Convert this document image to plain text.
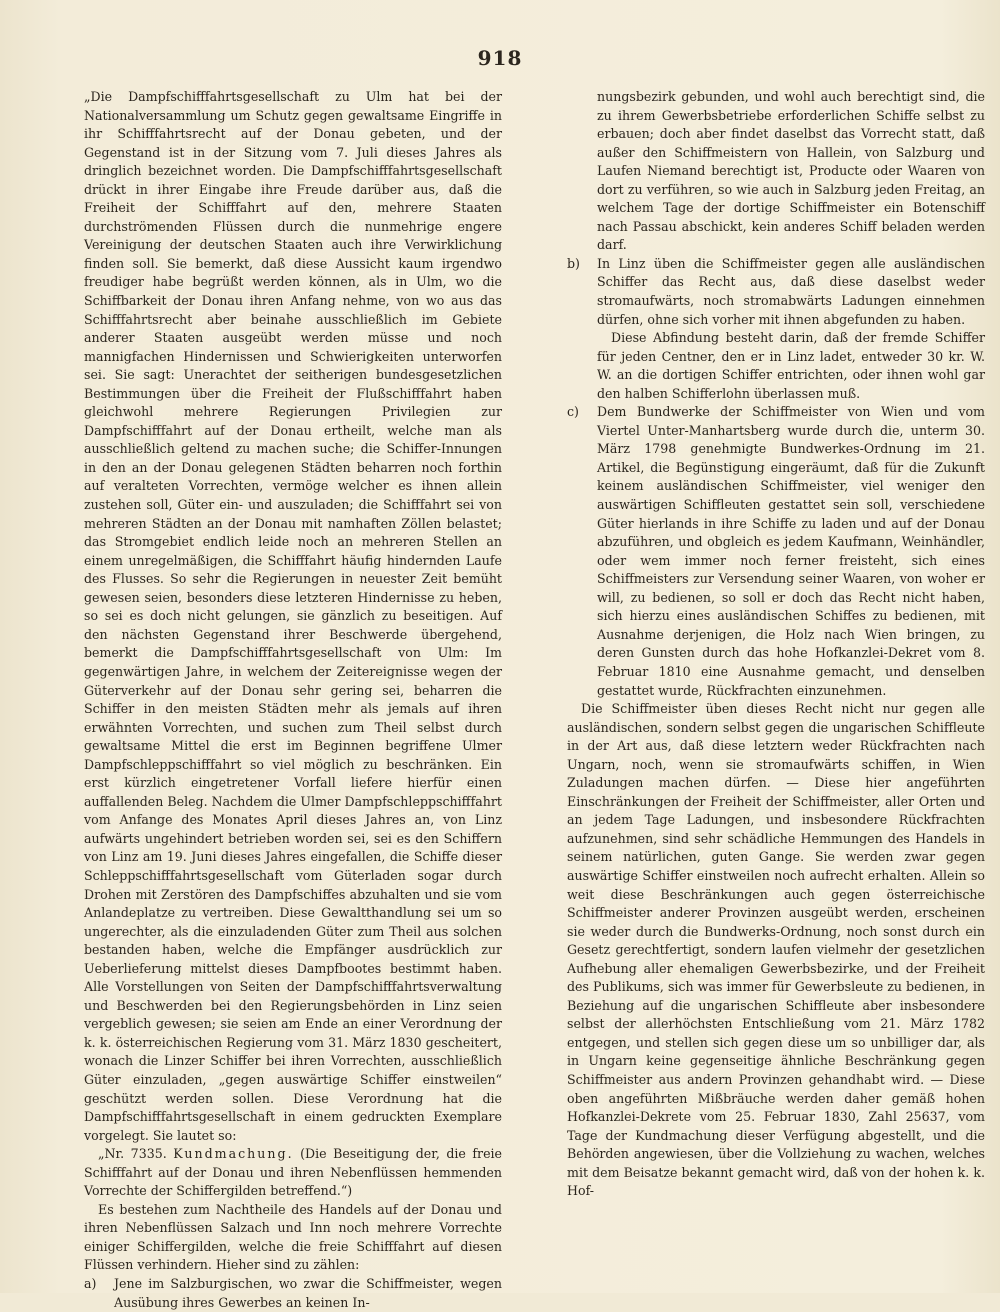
918

„Die Dampfschifffahrtsgesellschaft zu Ulm hat bei der Nationalversammlung um Schutz gegen gewaltsame Eingriffe in ihr Schifffahrtsrecht auf der Donau gebeten, und der Gegenstand ist in der Sitzung vom 7. Juli dieses Jahres als dringlich bezeichnet worden. Die Dampfschifffahrtsgesellschaft drückt in ihrer Eingabe ihre Freude darüber aus, daß die Freiheit der Schifffahrt auf den, mehrere Staaten durchströmenden Flüssen durch die nunmehrige engere Vereinigung der deutschen Staaten auch ihre Verwirklichung finden soll. Sie bemerkt, daß diese Aussicht kaum irgendwo freudiger habe begrüßt werden können, als in Ulm, wo die Schiffbarkeit der Donau ihren Anfang nehme, von wo aus das Schifffahrtsrecht aber beinahe ausschließlich im Gebiete anderer Staaten ausgeübt werden müsse und noch mannigfachen Hindernissen und Schwierigkeiten unterworfen sei. Sie sagt: Unerachtet der seitherigen bundesgesetzlichen Bestimmungen über die Freiheit der Flußschifffahrt haben gleichwohl mehrere Regierungen Privilegien zur Dampfschifffahrt auf der Donau ertheilt, welche man als ausschließlich geltend zu machen suche; die Schiffer-Innungen in den an der Donau gelegenen Städten beharren noch forthin auf veralteten Vorrechten, vermöge welcher es ihnen allein zustehen soll, Güter ein- und auszuladen; die Schifffahrt sei von mehreren Städten an der Donau mit namhaften Zöllen belastet; das Stromgebiet endlich leide noch an mehreren Stellen an einem unregelmäßigen, die Schifffahrt häufig hindernden Laufe des Flusses. So sehr die Regierungen in neuester Zeit bemüht gewesen seien, besonders diese letzteren Hindernisse zu heben, so sei es doch nicht gelungen, sie gänzlich zu beseitigen. Auf den nächsten Gegenstand ihrer Beschwerde übergehend, bemerkt die Dampfschifffahrtsgesellschaft von Ulm: Im gegenwärtigen Jahre, in welchem der Zeitereignisse wegen der Güterverkehr auf der Donau sehr gering sei, beharren die Schiffer in den meisten Städten mehr als jemals auf ihren erwähnten Vorrechten, und suchen zum Theil selbst durch gewaltsame Mittel die erst im Beginnen begriffene Ulmer Dampfschleppschifffahrt so viel möglich zu beschränken. Ein erst kürzlich eingetretener Vorfall liefere hierfür einen auffallenden Beleg. Nachdem die Ulmer Dampfschleppschifffahrt vom Anfange des Monates April dieses Jahres an, von Linz aufwärts ungehindert betrieben worden sei, sei es den Schiffern von Linz am 19. Juni dieses Jahres eingefallen, die Schiffe dieser Schleppschifffahrtsgesellschaft vom Güterladen sogar durch Drohen mit Zerstören des Dampfschiffes abzuhalten und sie vom Anlandeplatze zu vertreiben. Diese Gewaltthandlung sei um so ungerechter, als die einzuladenden Güter zum Theil aus solchen bestanden haben, welche die Empfänger ausdrücklich zur Ueberlieferung mittelst dieses Dampfbootes bestimmt haben. Alle Vorstellungen von Seiten der Dampfschifffahrtsverwaltung und Beschwerden bei den Regierungsbehörden in Linz seien vergeblich gewesen; sie seien am Ende an einer Verordnung der k. k. österreichischen Regierung vom 31. März 1830 gescheitert, wonach die Linzer Schiffer bei ihren Vorrechten, ausschließlich Güter einzuladen, „gegen auswärtige Schiffer einstweilen“ geschützt werden sollen. Diese Verordnung hat die Dampfschifffahrtsgesellschaft in einem gedruckten Exemplare vorgelegt. Sie lautet so:

„Nr. 7335. Kundmachung. (Die Beseitigung der, die freie Schifffahrt auf der Donau und ihren Nebenflüssen hemmenden Vorrechte der Schiffergilden betreffend.“)

Es bestehen zum Nachtheile des Handels auf der Donau und ihren Nebenflüssen Salzach und Inn noch mehrere Vorrechte einiger Schiffergilden, welche die freie Schifffahrt auf diesen Flüssen verhindern. Hieher sind zu zählen:

a)	Jene im Salzburgischen, wo zwar die Schiffmeister, wegen Ausübung ihres Gewerbes an keinen In-
nungsbezirk gebunden, und wohl auch berechtigt sind, die zu ihrem Gewerbsbetriebe erforderlichen Schiffe selbst zu erbauen; doch aber findet daselbst das Vorrecht statt, daß außer den Schiffmeistern von Hallein, von Salzburg und Laufen Niemand berechtigt ist, Producte oder Waaren von dort zu verführen, so wie auch in Salzburg jeden Freitag, an welchem Tage der dortige Schiffmeister ein Botenschiff nach Passau abschickt, kein anderes Schiff beladen werden darf.
b)	In Linz üben die Schiffmeister gegen alle ausländischen Schiffer das Recht aus, daß diese daselbst weder stromaufwärts, noch stromabwärts Ladungen einnehmen dürfen, ohne sich vorher mit ihnen abgefunden zu haben.
Diese Abfindung besteht darin, daß der fremde Schiffer für jeden Centner, den er in Linz ladet, entweder 30 kr. W. W. an die dortigen Schiffer entrichten, oder ihnen wohl gar den halben Schifferlohn überlassen muß.
c)	Dem Bundwerke der Schiffmeister von Wien und vom Viertel Unter-Manhartsberg wurde durch die, unterm 30. März 1798 genehmigte Bundwerkes-Ordnung im 21. Artikel, die Begünstigung eingeräumt, daß für die Zukunft keinem ausländischen Schiffmeister, viel weniger den auswärtigen Schiffleuten gestattet sein soll, verschiedene Güter hierlands in ihre Schiffe zu laden und auf der Donau abzuführen, und obgleich es jedem Kaufmann, Weinhändler, oder wem immer noch ferner freisteht, sich eines Schiffmeisters zur Versendung seiner Waaren, von woher er will, zu bedienen, so soll er doch das Recht nicht haben, sich hierzu eines ausländischen Schiffes zu bedienen, mit Ausnahme derjenigen, die Holz nach Wien bringen, zu deren Gunsten durch das hohe Hofkanzlei-Dekret vom 8. Februar 1810 eine Ausnahme gemacht, und denselben gestattet wurde, Rückfrachten einzunehmen.

Die Schiffmeister üben dieses Recht nicht nur gegen alle ausländischen, sondern selbst gegen die ungarischen Schiffleute in der Art aus, daß diese letztern weder Rückfrachten nach Ungarn, noch, wenn sie stromaufwärts schiffen, in Wien Zuladungen machen dürfen. — Diese hier angeführten Einschränkungen der Freiheit der Schiffmeister, aller Orten und an jedem Tage Ladungen, und insbesondere Rückfrachten aufzunehmen, sind sehr schädliche Hemmungen des Handels in seinem natürlichen, guten Gange. Sie werden zwar gegen auswärtige Schiffer einstweilen noch aufrecht erhalten. Allein so weit diese Beschränkungen auch gegen österreichische Schiffmeister anderer Provinzen ausgeübt werden, erscheinen sie weder durch die Bundwerks-Ordnung, noch sonst durch ein Gesetz gerechtfertigt, sondern laufen vielmehr der gesetzlichen Aufhebung aller ehemaligen Gewerbsbezirke, und der Freiheit des Publikums, sich was immer für Gewerbsleute zu bedienen, in Beziehung auf die ungarischen Schiffleute aber insbesondere selbst der allerhöchsten Entschließung vom 21. März 1782 entgegen, und stellen sich gegen diese um so unbilliger dar, als in Ungarn keine gegenseitige ähnliche Beschränkung gegen Schiffmeister aus andern Provinzen gehandhabt wird. — Diese oben angeführten Mißbräuche werden daher gemäß hohen Hofkanzlei-Dekrete vom 25. Februar 1830, Zahl 25637, vom Tage der Kundmachung dieser Verfügung abgestellt, und die Behörden angewiesen, über die Vollziehung zu wachen, welches mit dem Beisatze bekannt gemacht wird, daß von der hohen k. k. Hof-
